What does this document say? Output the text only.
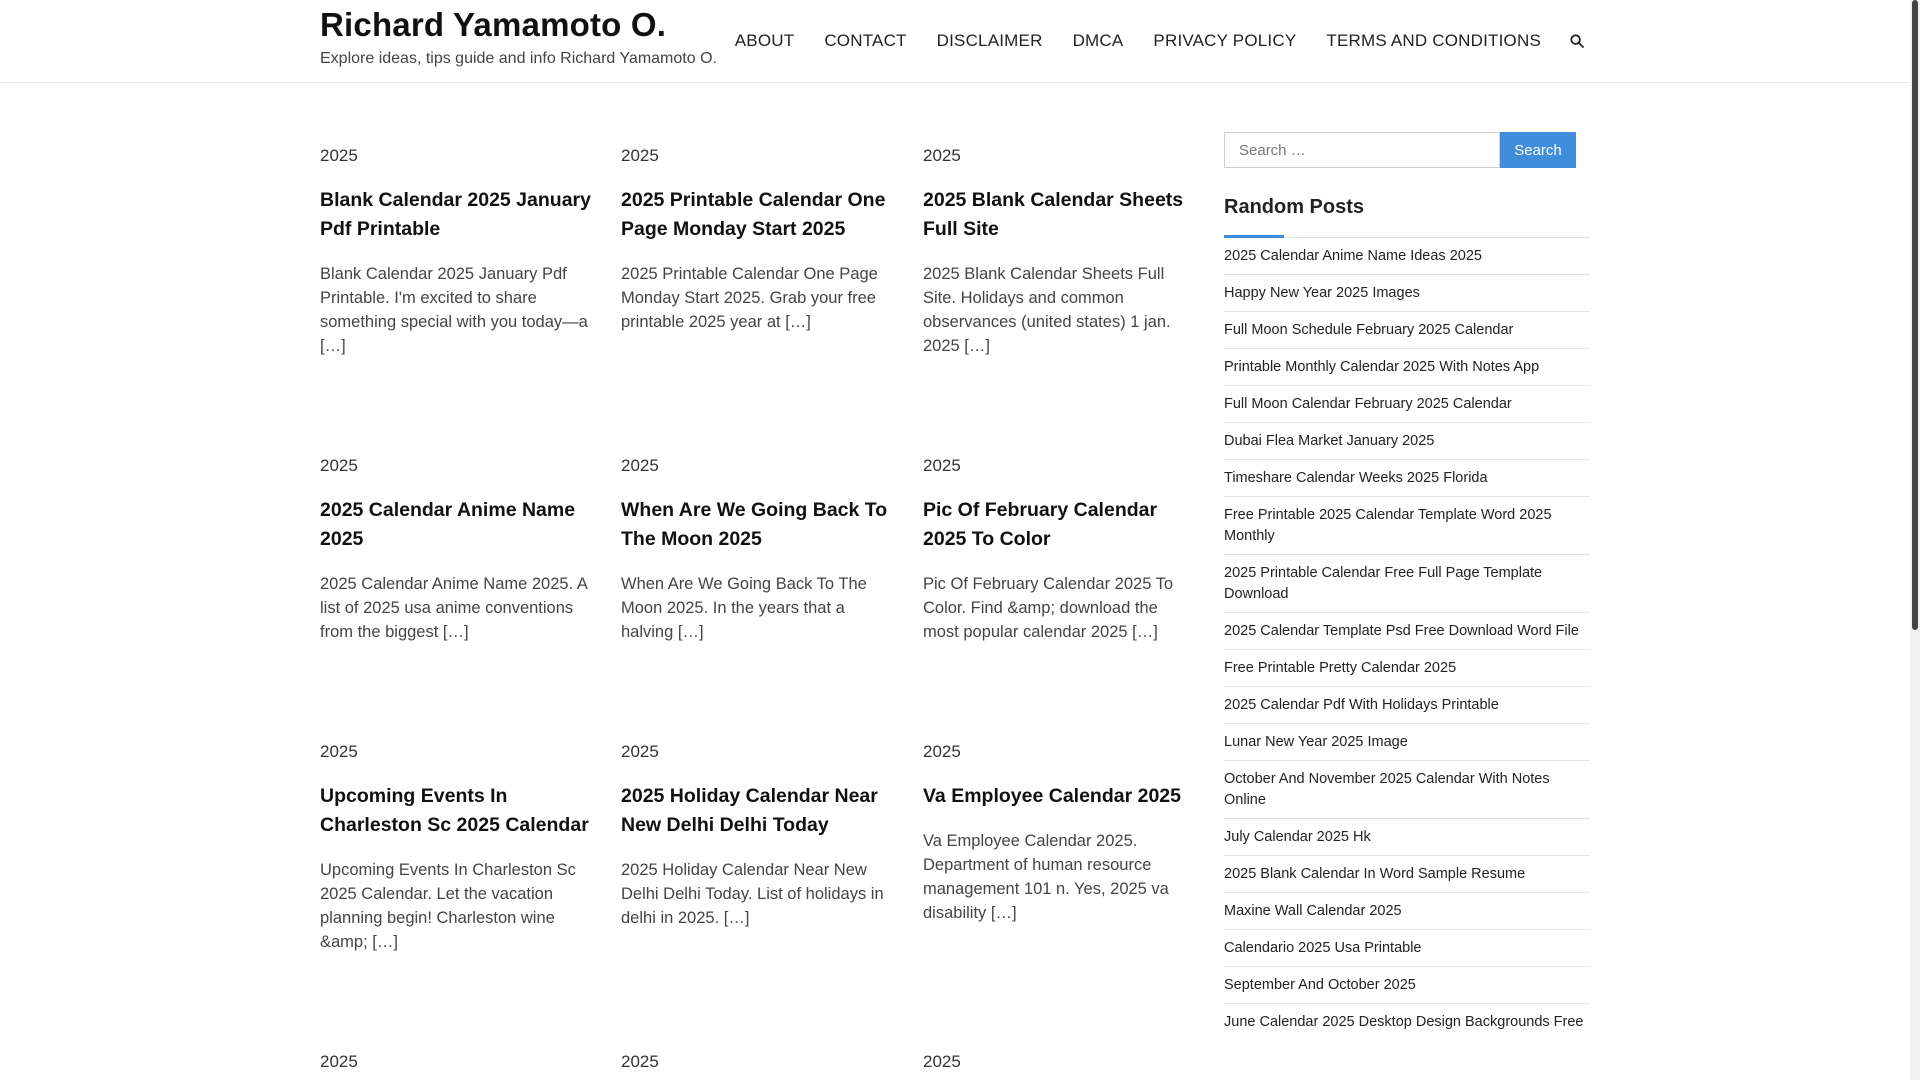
Richard Yamamoto O.
Explore ideas, tips guide and info Richard Yamamoto O.
ABOUT	CONTACT	DISCLAIMER	DMCA	PRIVACY POLICY	TERMS AND CONDITIONS
2025
Blank Calendar 2025 January Pdf Printable
Blank Calendar 2025 January Pdf Printable. I'm excited to share something special with you today—a […]
2025
2025 Printable Calendar One Page Monday Start 2025
2025 Printable Calendar One Page Monday Start 2025. Grab your free printable 2025 year at […]
2025
2025 Blank Calendar Sheets Full Site
2025 Blank Calendar Sheets Full Site. Holidays and common observances (united states) 1 jan. 2025 […]
2025
2025 Calendar Anime Name 2025
2025 Calendar Anime Name 2025. A list of 2025 usa anime conventions from the biggest […]
2025
When Are We Going Back To The Moon 2025
When Are We Going Back To The Moon 2025. In the years that a halving […]
2025
Pic Of February Calendar 2025 To Color
Pic Of February Calendar 2025 To Color. Find &amp; download the most popular calendar 2025 […]
2025
Upcoming Events In Charleston Sc 2025 Calendar
Upcoming Events In Charleston Sc 2025 Calendar. Let the vacation planning begin! Charleston wine &amp; […]
2025
2025 Holiday Calendar Near New Delhi Delhi Today
2025 Holiday Calendar Near New Delhi Delhi Today. List of holidays in delhi in 2025. […]
2025
Va Employee Calendar 2025
Va Employee Calendar 2025. Department of human resource management 101 n. Yes, 2025 va disability […]
2025	2025	2025
Search …
Search
Random Posts
2025 Calendar Anime Name Ideas 2025
Happy New Year 2025 Images
Full Moon Schedule February 2025 Calendar
Printable Monthly Calendar 2025 With Notes App
Full Moon Calendar February 2025 Calendar
Dubai Flea Market January 2025
Timeshare Calendar Weeks 2025 Florida
Free Printable 2025 Calendar Template Word 2025 Monthly
2025 Printable Calendar Free Full Page Template Download
2025 Calendar Template Psd Free Download Word File
Free Printable Pretty Calendar 2025
2025 Calendar Pdf With Holidays Printable
Lunar New Year 2025 Image
October And November 2025 Calendar With Notes Online
July Calendar 2025 Hk
2025 Blank Calendar In Word Sample Resume
Maxine Wall Calendar 2025
Calendario 2025 Usa Printable
September And October 2025
June Calendar 2025 Desktop Design Backgrounds Free
